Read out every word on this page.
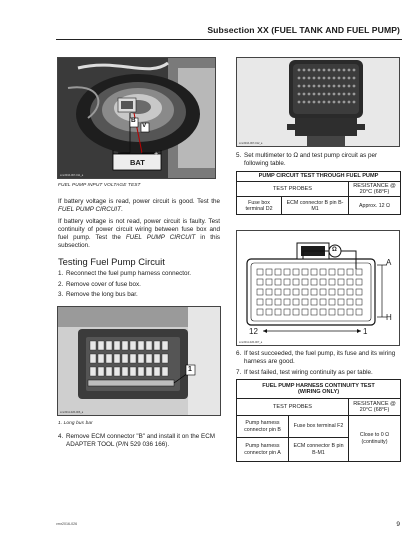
Subsection XX (FUEL TANK AND FUEL PUMP)
B
V
BAT
–	+
smr2016-067-011_a
FUEL PUMP INPUT VOLTAGE TEST
If battery voltage is read, power circuit is good. Test the FUEL PUMP CIRCUIT.
If battery voltage is not read, power circuit is faulty. Test continuity of power circuit wiring between fuse box and fuel pump. Test the FUEL PUMP CIRCUIT in this subsection.
Testing Fuel Pump Circuit
1. Reconnect the fuel pump harness connector.
2. Remove cover of fuse box.
3. Remove the long bus bar.
1
smr2011-026-006_a
1. Long bus bar
4. Remove ECM connector "B" and install it on the ECM ADAPTER TOOL (P/N 529 036 166).
smr2016-067-012_a
5. Set multimeter to Ω and test pump circuit as per following table.
PUMP CIRCUIT TEST THROUGH FUEL PUMP		
TEST PROBES		RESISTANCE @ 20°C (68°F)
Fuse box terminal D2	ECM connector B pin B-M1	Approx. 12 Ω
Ω
A
H
12	1
smr2011-026-007_a
6. If test succeeded, the fuel pump, its fuse and its wiring harness are good.
7. If test failed, test wiring continuity as per table.
FUEL PUMP HARNESS CONTINUITY TEST (WIRING ONLY)		
TEST PROBES		RESISTANCE @ 20°C (68°F)
Pump harness connector pin B	Fuse box terminal F2	Close to 0 Ω (continuity)
Pump harness connector pin A	ECM connector B pin B-M1	
vmr2016-026	9
